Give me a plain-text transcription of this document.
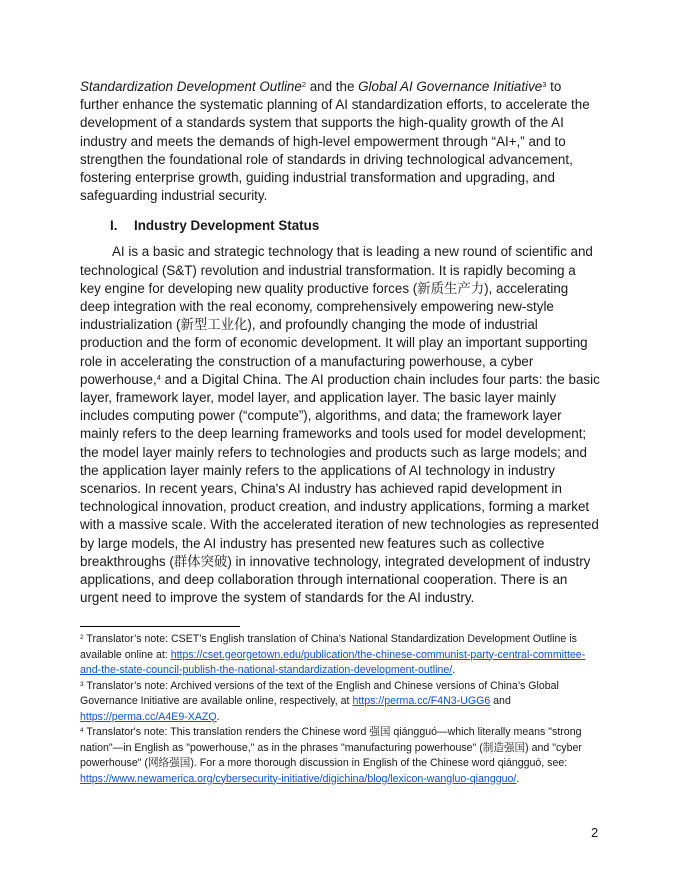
Standardization Development Outline$^2$ and the Global AI Governance Initiative$^3$ to further enhance the systematic planning of AI standardization efforts, to accelerate the development of a standards system that supports the high-quality growth of the AI industry and meets the demands of high-level empowerment through “AI+,” and to strengthen the foundational role of standards in driving technological advancement, fostering enterprise growth, guiding industrial transformation and upgrading, and safeguarding industrial security.

I. Industry Development Status

AI is a basic and strategic technology that is leading a new round of scientific and technological (S&T) revolution and industrial transformation. It is rapidly becoming a key engine for developing new quality productive forces (新质生产力), accelerating deep integration with the real economy, comprehensively empowering new-style industrialization (新型工业化), and profoundly changing the mode of industrial production and the form of economic development. It will play an important supporting role in accelerating the construction of a manufacturing powerhouse, a cyber powerhouse,$^4$ and a Digital China. The AI production chain includes four parts: the basic layer, framework layer, model layer, and application layer. The basic layer mainly includes computing power (“compute”), algorithms, and data; the framework layer mainly refers to the deep learning frameworks and tools used for model development; the model layer mainly refers to technologies and products such as large models; and the application layer mainly refers to the applications of AI technology in industry scenarios. In recent years, China's AI industry has achieved rapid development in technological innovation, product creation, and industry applications, forming a market with a massive scale. With the accelerated iteration of new technologies as represented by large models, the AI industry has presented new features such as collective breakthroughs (群体突破) in innovative technology, integrated development of industry applications, and deep collaboration through international cooperation. There is an urgent need to improve the system of standards for the AI industry.

$^2$ Translator’s note: CSET’s English translation of China’s National Standardization Development Outline is available online at: https://cset.georgetown.edu/publication/the-chinese-communist-party-central-committee-and-the-state-council-publish-the-national-standardization-development-outline/.

$^3$ Translator’s note: Archived versions of the text of the English and Chinese versions of China’s Global Governance Initiative are available online, respectively, at https://perma.cc/F4N3-UGG6 and https://perma.cc/A4E9-XAZQ.

$^4$ Translator's note: This translation renders the Chinese word 强国 qiángguó—which literally means "strong nation"—in English as "powerhouse," as in the phrases "manufacturing powerhouse" (制造强国) and "cyber powerhouse" (网络强国). For a more thorough discussion in English of the Chinese word qiángguó, see: https://www.newamerica.org/cybersecurity-initiative/digichina/blog/lexicon-wangluo-qiangguo/.

2
